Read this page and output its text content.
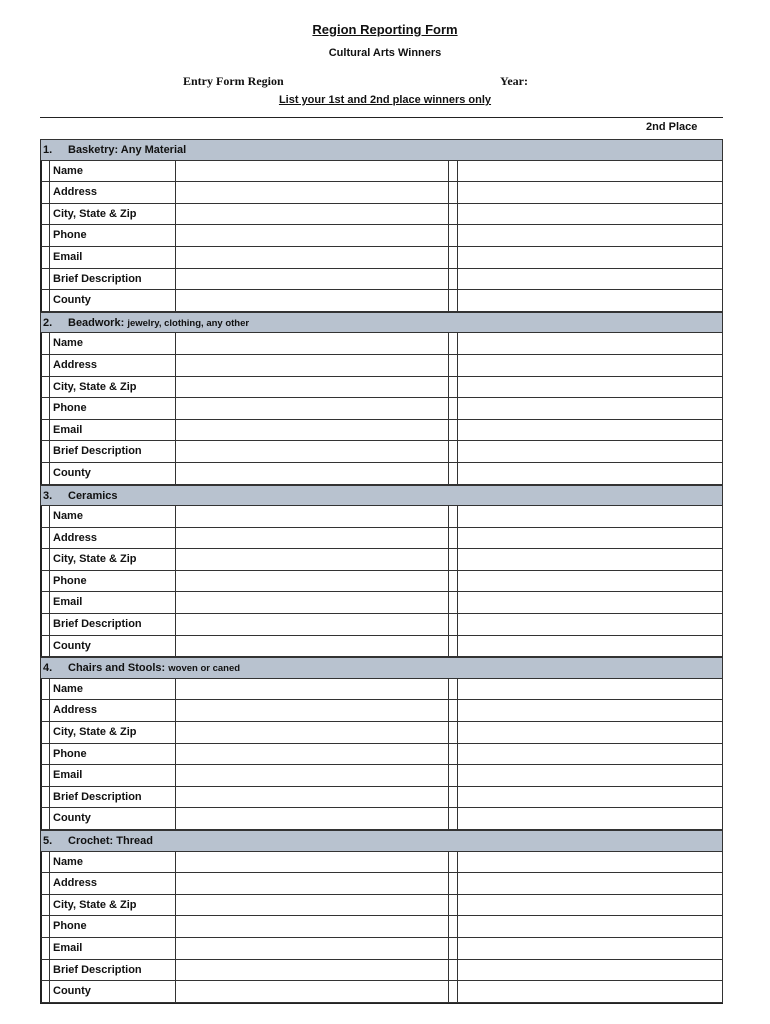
Region Reporting Form
Cultural Arts Winners
Entry Form Region	Year:
List your 1st and 2nd place winners only
2nd Place
1. Basketry: Any Material
Name
Address
City, State & Zip
Phone
Email
Brief Description
County
2. Beadwork: jewelry, clothing, any other
Name
Address
City, State & Zip
Phone
Email
Brief Description
County
3. Ceramics
Name
Address
City, State & Zip
Phone
Email
Brief Description
County
4. Chairs and Stools: woven or caned
Name
Address
City, State & Zip
Phone
Email
Brief Description
County
5. Crochet: Thread
Name
Address
City, State & Zip
Phone
Email
Brief Description
County
